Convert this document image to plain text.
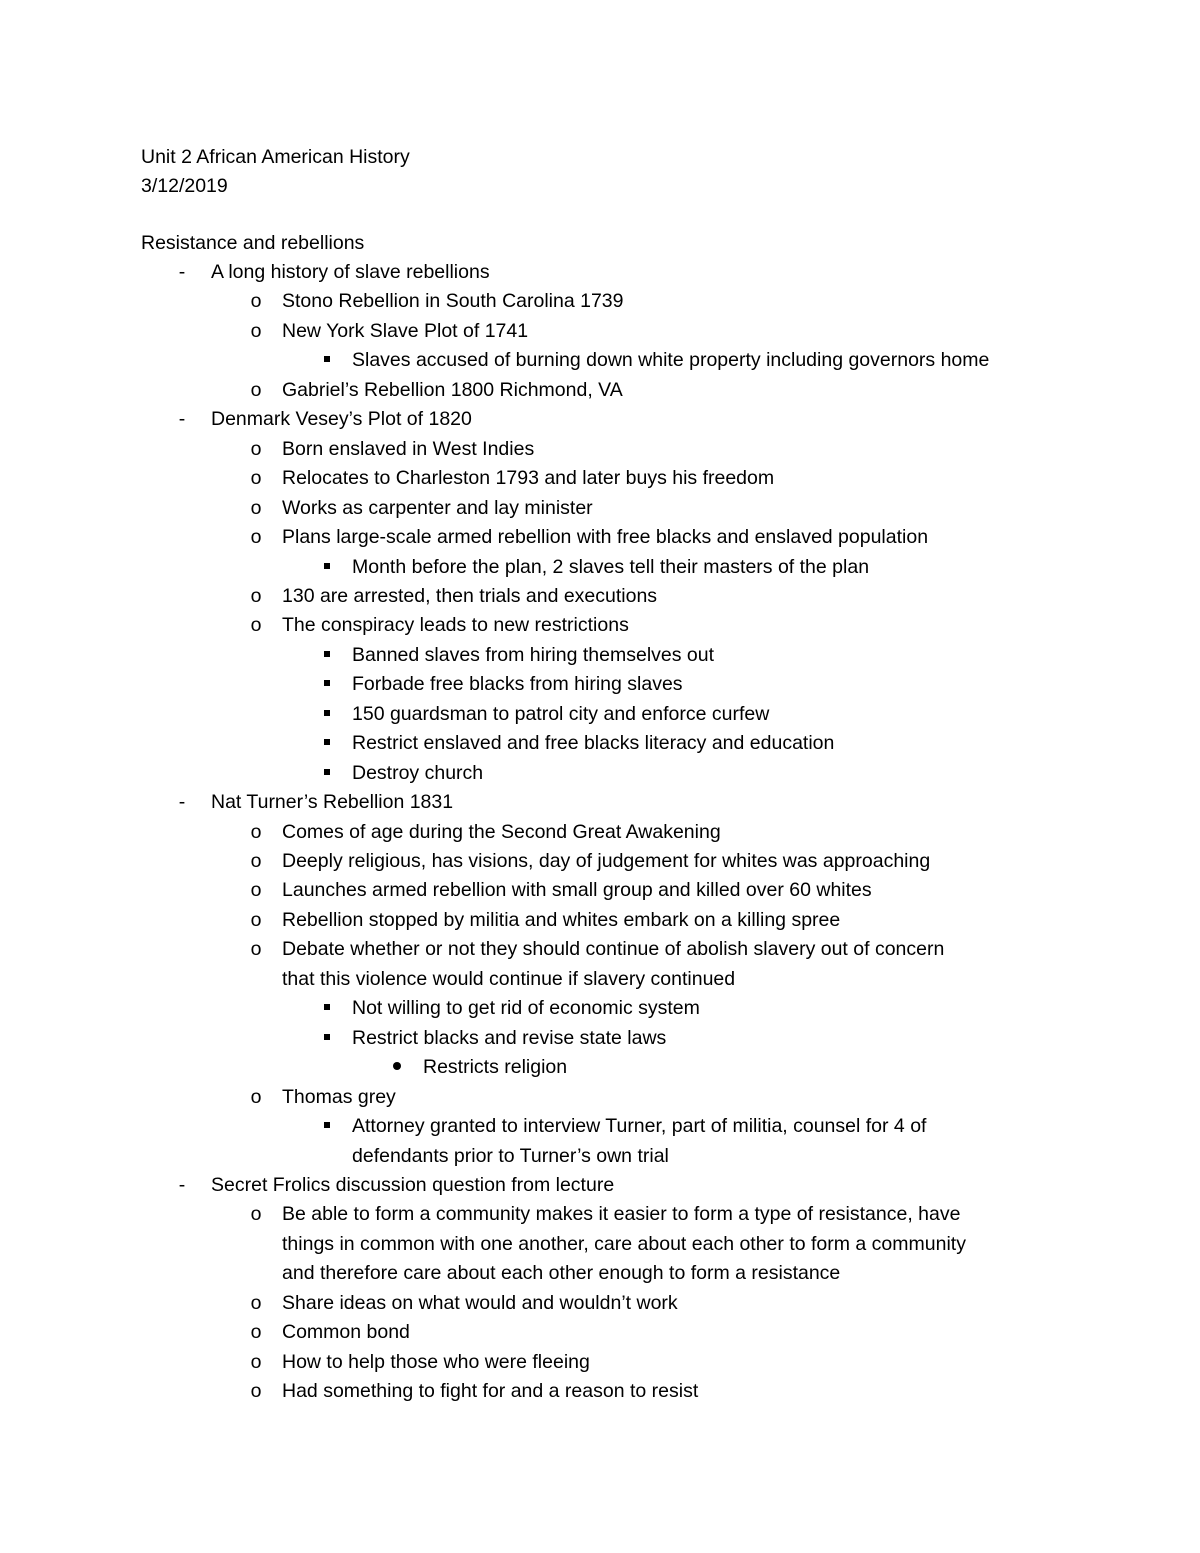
Unit 2 African American History
3/12/2019
Resistance and rebellions
-	A long history of slave rebellions
o Stono Rebellion in South Carolina 1739
o New York Slave Plot of 1741
Slaves accused of burning down white property including governors home
o Gabriel’s Rebellion 1800 Richmond, VA
-	Denmark Vesey’s Plot of 1820
o Born enslaved in West Indies
o Relocates to Charleston 1793 and later buys his freedom
o Works as carpenter and lay minister
o Plans large-scale armed rebellion with free blacks and enslaved population
Month before the plan, 2 slaves tell their masters of the plan
o 130 are arrested, then trials and executions
o The conspiracy leads to new restrictions
Banned slaves from hiring themselves out
Forbade free blacks from hiring slaves
150 guardsman to patrol city and enforce curfew
Restrict enslaved and free blacks literacy and education
Destroy church
-	Nat Turner’s Rebellion 1831
o Comes of age during the Second Great Awakening
o Deeply religious, has visions, day of judgement for whites was approaching
o Launches armed rebellion with small group and killed over 60 whites
o Rebellion stopped by militia and whites embark on a killing spree
o Debate whether or not they should continue of abolish slavery out of concern
that this violence would continue if slavery continued
Not willing to get rid of economic system
Restrict blacks and revise state laws
Restricts religion
o Thomas grey
Attorney granted to interview Turner, part of militia, counsel for 4 of
defendants prior to Turner’s own trial
-	Secret Frolics discussion question from lecture
o Be able to form a community makes it easier to form a type of resistance, have
things in common with one another, care about each other to form a community
and therefore care about each other enough to form a resistance
o Share ideas on what would and wouldn’t work
o Common bond
o How to help those who were fleeing
o Had something to fight for and a reason to resist
